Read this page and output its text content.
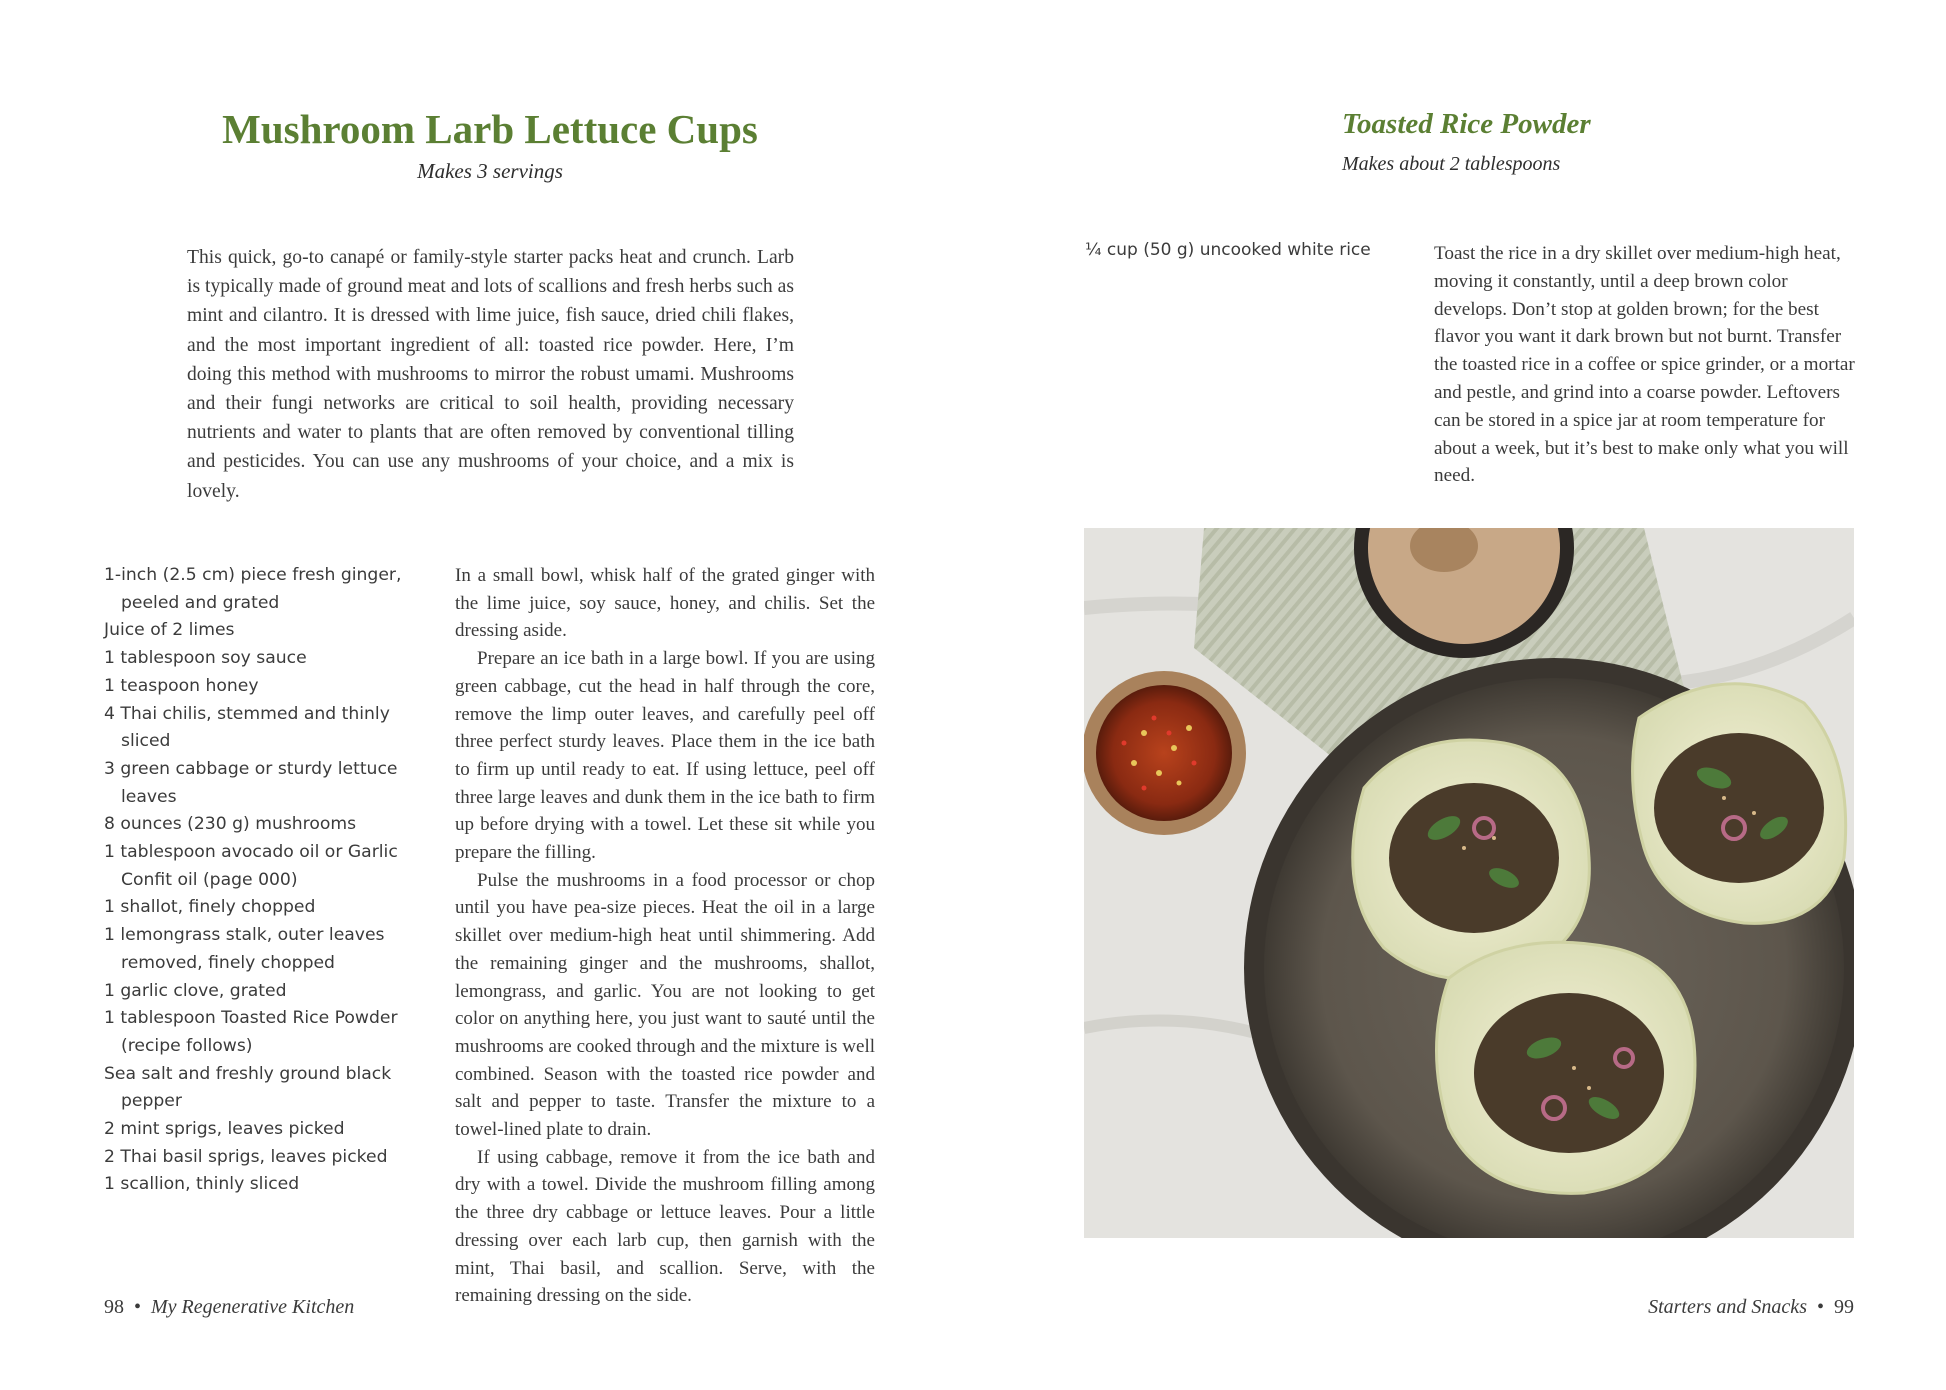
Mushroom Larb Lettuce Cups
Makes 3 servings

This quick, go-to canapé or family-style starter packs heat and crunch. Larb is typically made of ground meat and lots of scallions and fresh herbs such as mint and cilantro. It is dressed with lime juice, fish sauce, dried chili flakes, and the most important ingredient of all: toasted rice powder. Here, I’m doing this method with mushrooms to mirror the robust umami. Mushrooms and their fungi networks are critical to soil health, providing necessary nutrients and water to plants that are often removed by conventional tilling and pesticides. You can use any mushrooms of your choice, and a mix is lovely.

1-inch (2.5 cm) piece fresh ginger, peeled and grated
Juice of 2 limes
1 tablespoon soy sauce
1 teaspoon honey
4 Thai chilis, stemmed and thinly sliced
3 green cabbage or sturdy lettuce leaves
8 ounces (230 g) mushrooms
1 tablespoon avocado oil or Garlic Confit oil (page 000)
1 shallot, finely chopped
1 lemongrass stalk, outer leaves removed, finely chopped
1 garlic clove, grated
1 tablespoon Toasted Rice Powder (recipe follows)
Sea salt and freshly ground black pepper
2 mint sprigs, leaves picked
2 Thai basil sprigs, leaves picked
1 scallion, thinly sliced

In a small bowl, whisk half of the grated ginger with the lime juice, soy sauce, honey, and chilis. Set the dressing aside.

Prepare an ice bath in a large bowl. If you are using green cabbage, cut the head in half through the core, remove the limp outer leaves, and carefully peel off three perfect sturdy leaves. Place them in the ice bath to firm up until ready to eat. If using lettuce, peel off three large leaves and dunk them in the ice bath to firm up before drying with a towel. Let these sit while you prepare the filling.

Pulse the mushrooms in a food processor or chop until you have pea-size pieces. Heat the oil in a large skillet over medium-high heat until shimmering. Add the remaining ginger and the mushrooms, shallot, lemongrass, and garlic. You are not looking to get color on anything here, you just want to sauté until the mushrooms are cooked through and the mixture is well combined. Season with the toasted rice powder and salt and pepper to taste. Transfer the mixture to a towel-lined plate to drain.

If using cabbage, remove it from the ice bath and dry with a towel. Divide the mushroom filling among the three dry cabbage or lettuce leaves. Pour a little dressing over each larb cup, then garnish with the mint, Thai basil, and scallion. Serve, with the remaining dressing on the side.

98 • My Regenerative Kitchen
Toasted Rice Powder
Makes about 2 tablespoons
¼ cup (50 g) uncooked white rice	Toast the rice in a dry skillet over medium-high heat, moving it constantly, until a deep brown color develops. Don’t stop at golden brown; for the best flavor you want it dark brown but not burnt. Transfer the toasted rice in a coffee or spice grinder, or a mortar and pestle, and grind into a coarse powder. Leftovers can be stored in a spice jar at room temperature for about a week, but it’s best to make only what you will need.

Starters and Snacks • 99
